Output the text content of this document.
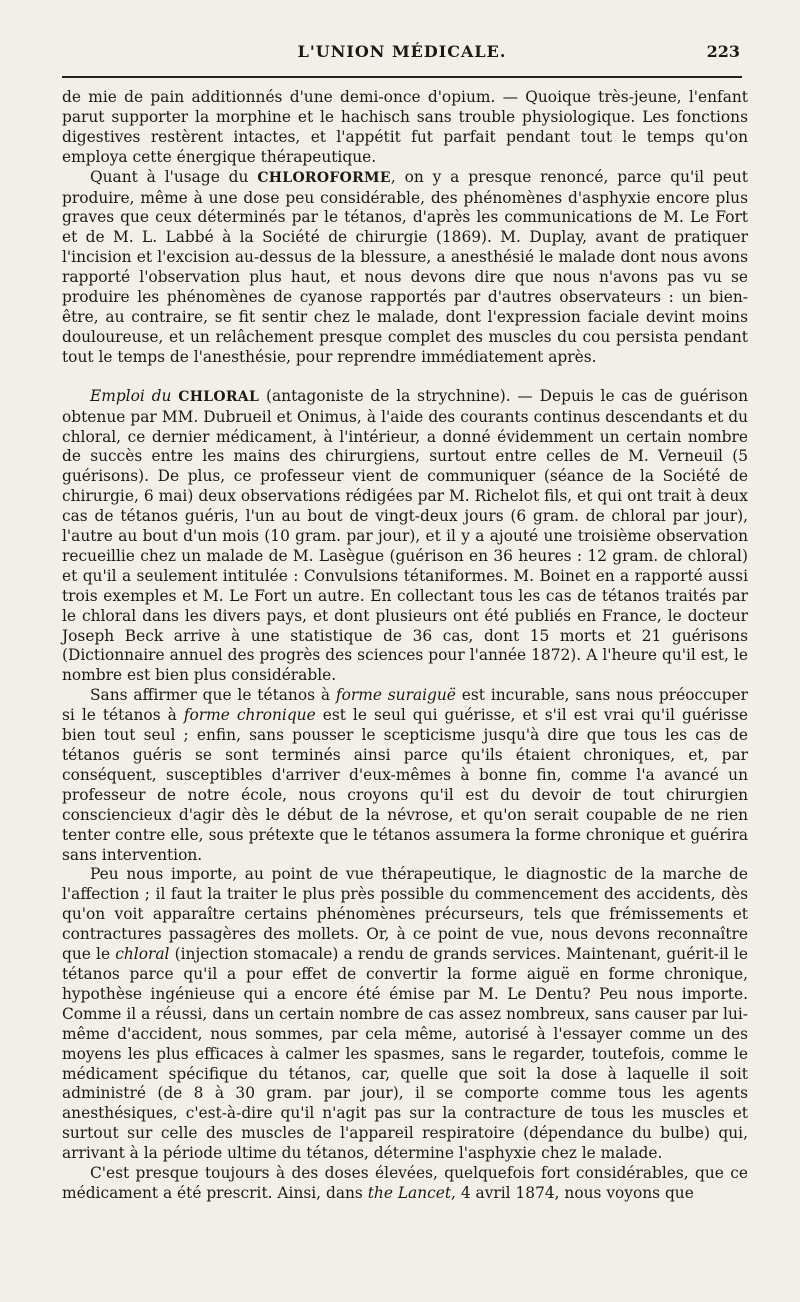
L'UNION MÉDICALE.	223

de mie de pain additionnés d'une demi-once d'opium. — Quoique très-jeune, l'enfant parut supporter la morphine et le hachisch sans trouble physiologique. Les fonctions digestives restèrent intactes, et l'appétit fut parfait pendant tout le temps qu'on employa cette énergique thérapeutique.

Quant à l'usage du CHLOROFORME, on y a presque renoncé, parce qu'il peut produire, même à une dose peu considérable, des phénomènes d'asphyxie encore plus graves que ceux déterminés par le tétanos, d'après les communications de M. Le Fort et de M. L. Labbé à la Société de chirurgie (1869). M. Duplay, avant de pratiquer l'incision et l'excision au-dessus de la blessure, a anesthésié le malade dont nous avons rapporté l'observation plus haut, et nous devons dire que nous n'avons pas vu se produire les phénomènes de cyanose rapportés par d'autres observateurs : un bien-être, au contraire, se fit sentir chez le malade, dont l'expression faciale devint moins douloureuse, et un relâchement presque complet des muscles du cou persista pendant tout le temps de l'anesthésie, pour reprendre immédiatement après.

Emploi du CHLORAL (antagoniste de la strychnine). — Depuis le cas de guérison obtenue par MM. Dubrueil et Onimus, à l'aide des courants continus descendants et du chloral, ce dernier médicament, à l'intérieur, a donné évidemment un certain nombre de succès entre les mains des chirurgiens, surtout entre celles de M. Verneuil (5 guérisons). De plus, ce professeur vient de communiquer (séance de la Société de chirurgie, 6 mai) deux observations rédigées par M. Richelot fils, et qui ont trait à deux cas de tétanos guéris, l'un au bout de vingt-deux jours (6 gram. de chloral par jour), l'autre au bout d'un mois (10 gram. par jour), et il y a ajouté une troisième observation recueillie chez un malade de M. Lasègue (guérison en 36 heures : 12 gram. de chloral) et qu'il a seulement intitulée : Convulsions tétaniformes. M. Boinet en a rapporté aussi trois exemples et M. Le Fort un autre. En collectant tous les cas de tétanos traités par le chloral dans les divers pays, et dont plusieurs ont été publiés en France, le docteur Joseph Beck arrive à une statistique de 36 cas, dont 15 morts et 21 guérisons (Dictionnaire annuel des progrès des sciences pour l'année 1872). A l'heure qu'il est, le nombre est bien plus considérable.

Sans affirmer que le tétanos à forme suraiguë est incurable, sans nous préoccuper si le tétanos à forme chronique est le seul qui guérisse, et s'il est vrai qu'il guérisse bien tout seul ; enfin, sans pousser le scepticisme jusqu'à dire que tous les cas de tétanos guéris se sont terminés ainsi parce qu'ils étaient chroniques, et, par conséquent, susceptibles d'arriver d'eux-mêmes à bonne fin, comme l'a avancé un professeur de notre école, nous croyons qu'il est du devoir de tout chirurgien consciencieux d'agir dès le début de la névrose, et qu'on serait coupable de ne rien tenter contre elle, sous prétexte que le tétanos assumera la forme chronique et guérira sans intervention.

Peu nous importe, au point de vue thérapeutique, le diagnostic de la marche de l'affection ; il faut la traiter le plus près possible du commencement des accidents, dès qu'on voit apparaître certains phénomènes précurseurs, tels que frémissements et contractures passagères des mollets. Or, à ce point de vue, nous devons reconnaître que le chloral (injection stomacale) a rendu de grands services. Maintenant, guérit-il le tétanos parce qu'il a pour effet de convertir la forme aiguë en forme chronique, hypothèse ingénieuse qui a encore été émise par M. Le Dentu? Peu nous importe. Comme il a réussi, dans un certain nombre de cas assez nombreux, sans causer par lui-même d'accident, nous sommes, par cela même, autorisé à l'essayer comme un des moyens les plus efficaces à calmer les spasmes, sans le regarder, toutefois, comme le médicament spécifique du tétanos, car, quelle que soit la dose à laquelle il soit administré (de 8 à 30 gram. par jour), il se comporte comme tous les agents anesthésiques, c'est-à-dire qu'il n'agit pas sur la contracture de tous les muscles et surtout sur celle des muscles de l'appareil respiratoire (dépendance du bulbe) qui, arrivant à la période ultime du tétanos, détermine l'asphyxie chez le malade.

C'est presque toujours à des doses élevées, quelquefois fort considérables, que ce médicament a été prescrit. Ainsi, dans the Lancet, 4 avril 1874, nous voyons que
